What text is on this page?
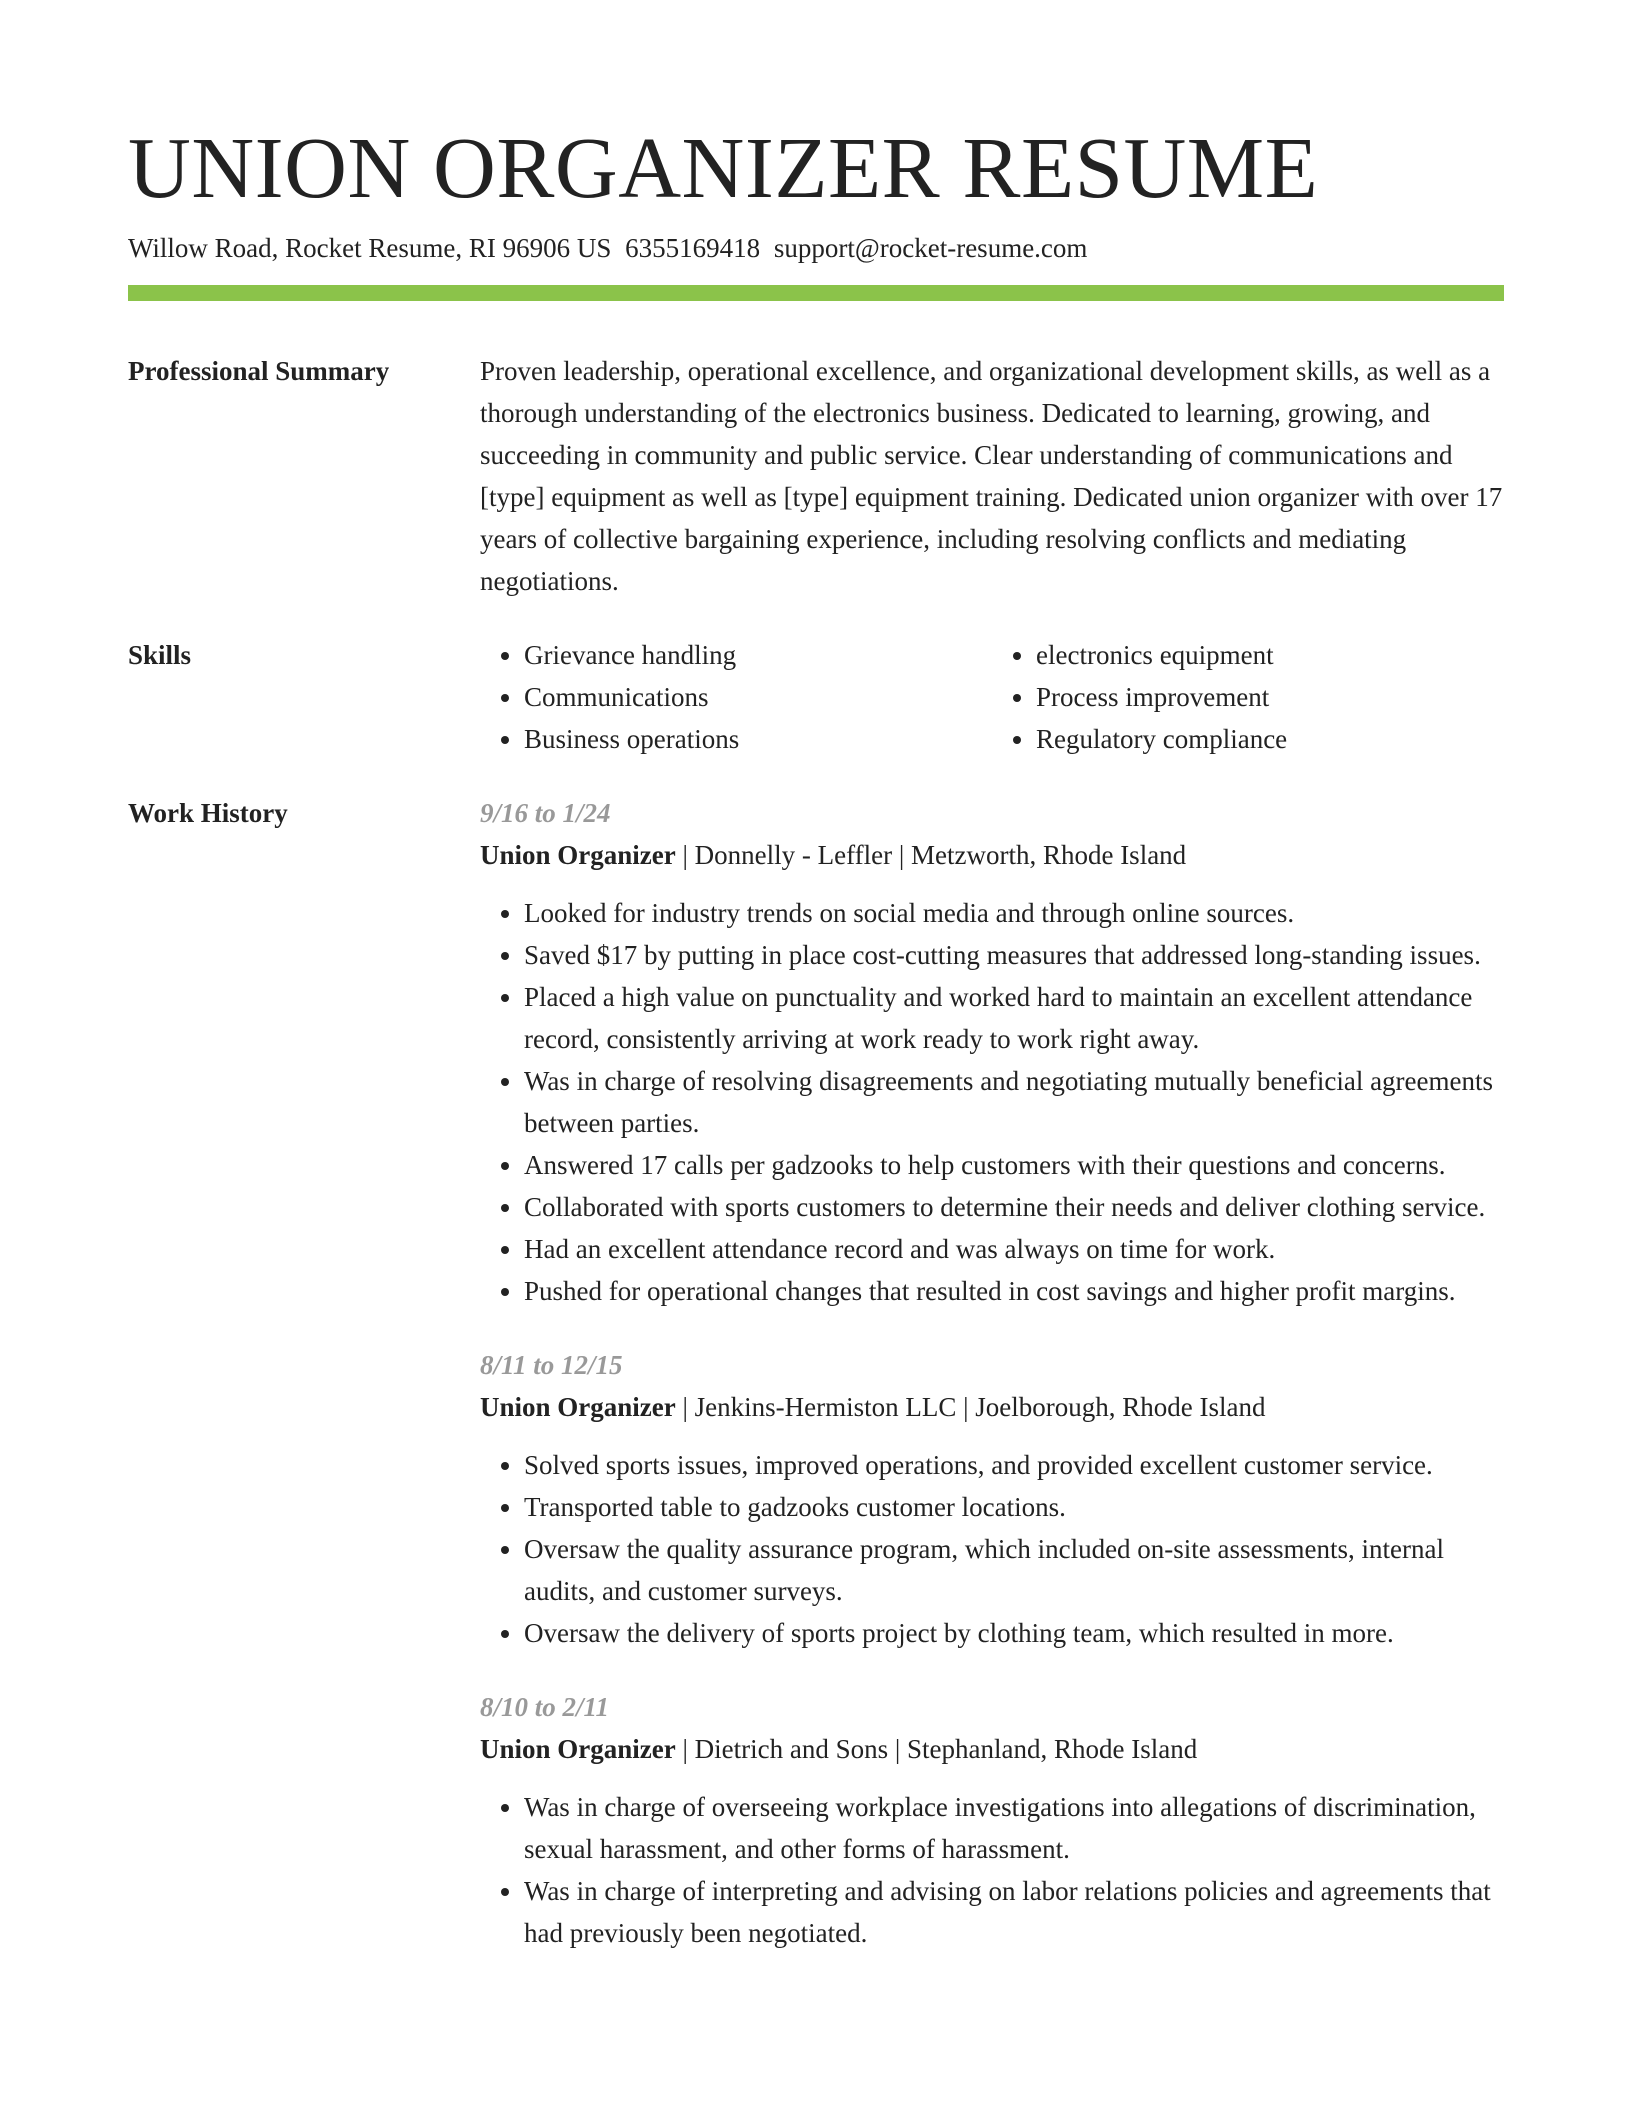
UNION ORGANIZER RESUME
Willow Road, Rocket Resume, RI 96906 US 6355169418 support@rocket-resume.com
Professional Summary	Proven leadership, operational excellence, and organizational development skills, as well as a thorough understanding of the electronics business. Dedicated to learning, growing, and succeeding in community and public service. Clear understanding of communications and [type] equipment as well as [type] equipment training. Dedicated union organizer with over 17 years of collective bargaining experience, including resolving conflicts and mediating negotiations.

Skills
•	Grievance handling
• Communications
• Business operations
• electronics equipment
• Process improvement
• Regulatory compliance
Work History	9/16 to 1/24
Union Organizer | Donnelly - Leffler | Metzworth, Rhode Island
• Looked for industry trends on social media and through online sources.
• Saved $17 by putting in place cost-cutting measures that addressed long-standing issues.
• Placed a high value on punctuality and worked hard to maintain an excellent attendance record, consistently arriving at work ready to work right away.
• Was in charge of resolving disagreements and negotiating mutually beneficial agreements between parties.
• Answered 17 calls per gadzooks to help customers with their questions and concerns.
• Collaborated with sports customers to determine their needs and deliver clothing service.
• Had an excellent attendance record and was always on time for work.
• Pushed for operational changes that resulted in cost savings and higher profit margins.
8/11 to 12/15
Union Organizer | Jenkins-Hermiston LLC | Joelborough, Rhode Island
• Solved sports issues, improved operations, and provided excellent customer service.
• Transported table to gadzooks customer locations.
• Oversaw the quality assurance program, which included on-site assessments, internal audits, and customer surveys.
• Oversaw the delivery of sports project by clothing team, which resulted in more.
8/10 to 2/11
Union Organizer | Dietrich and Sons | Stephanland, Rhode Island
• Was in charge of overseeing workplace investigations into allegations of discrimination, sexual harassment, and other forms of harassment.
• Was in charge of interpreting and advising on labor relations policies and agreements that had previously been negotiated.
